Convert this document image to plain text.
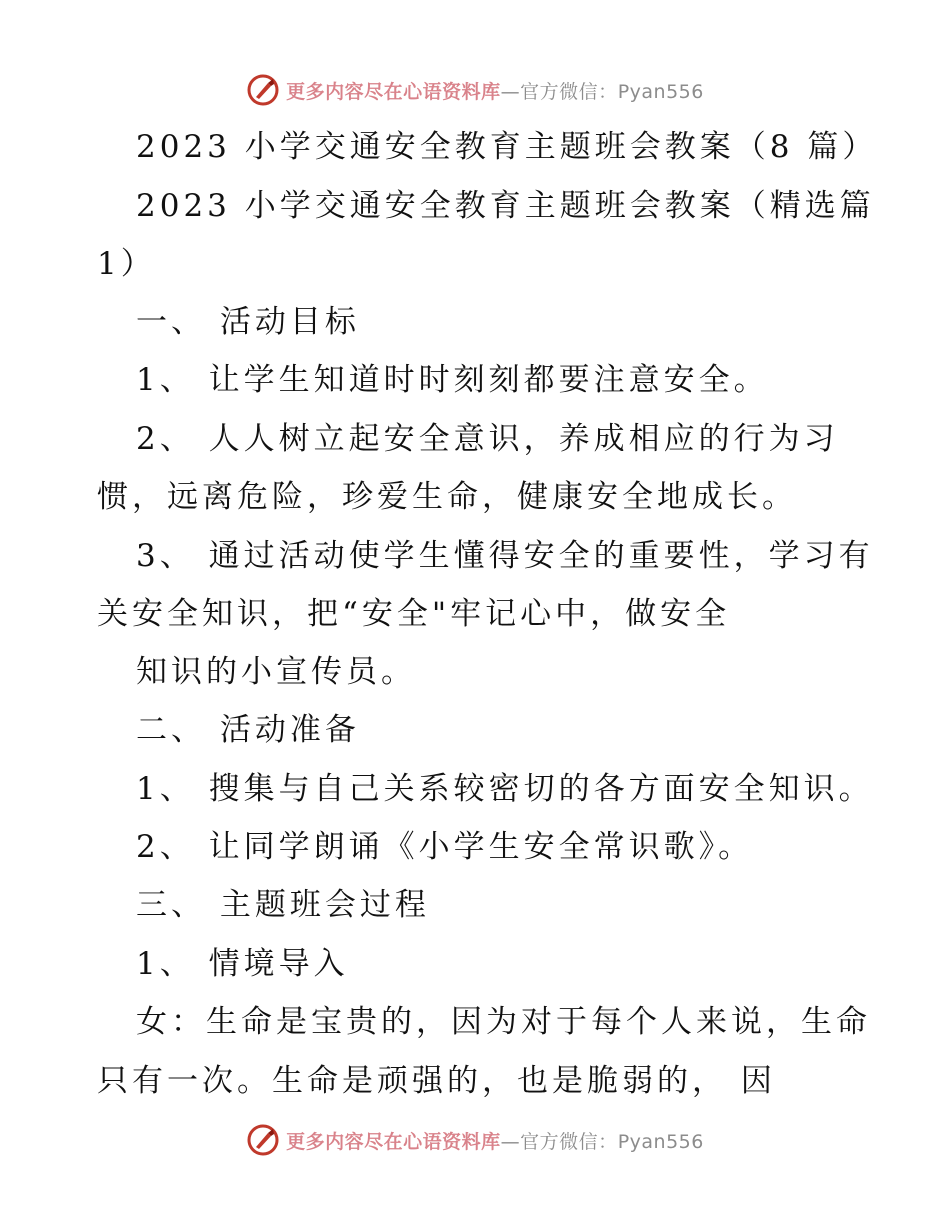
更多内容尽在心语资料库—官方微信：Pyan556
2023 小学交通安全教育主题班会教案（8 篇）
2023 小学交通安全教育主题班会教案（精选篇
1）
一、 活动目标
1、 让学生知道时时刻刻都要注意安全。
2、 人人树立起安全意识，养成相应的行为习
惯，远离危险，珍爱生命，健康安全地成长。
3、 通过活动使学生懂得安全的重要性，学习有
关安全知识，把“安全"牢记心中，做安全
知识的小宣传员。
二、 活动准备
1、 搜集与自己关系较密切的各方面安全知识。
2、 让同学朗诵《小学生安全常识歌》。
三、 主题班会过程
1、 情境导入
女：生命是宝贵的，因为对于每个人来说，生命
只有一次。生命是顽强的，也是脆弱的， 因
更多内容尽在心语资料库—官方微信：Pyan556
